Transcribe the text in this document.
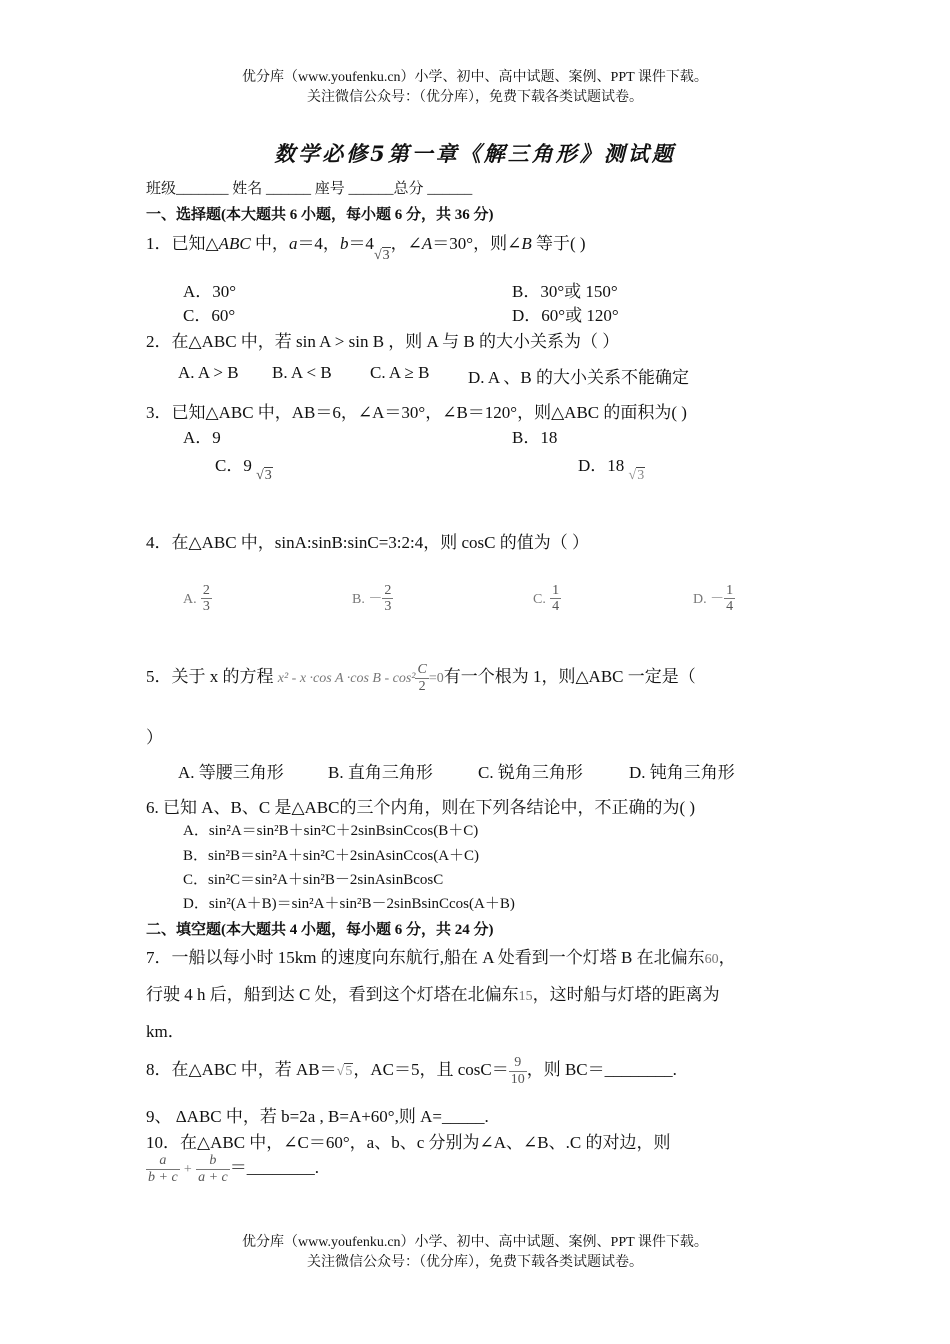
优分库（www.youfenku.cn）小学、初中、高中试题、案例、PPT 课件下载。
关注微信公众号：（优分库），免费下载各类试题试卷。
数学必修5第一章《解三角形》测试题
班级_______ 姓名 ______ 座号 ______总分 ______
一、选择题(本大题共 6 小题，每小题 6 分，共 36 分)
1．已知△ABC 中，a＝4，b＝4√3，∠A＝30°，则∠B 等于( )
A．30°	B．30°或 150°
C．60°	D．60°或 120°
2．在△ABC 中，若 sin A > sin B ，则 A 与 B 的大小关系为（ ）
A. A > B B. A < B C. A ≥ B D. A 、B 的大小关系不能确定
3．已知△ABC 中，AB＝6，∠A＝30°，∠B＝120°，则△ABC 的面积为( )
A．9	B．18
C．9 √3
D．18 √3
4．在△ABC 中，sinA:sinB:sinC=3:2:4，则 cosC 的值为（ ）
A. $\frac{2}{3}$	B. － $\frac{2}{3}$	C. $\frac{1}{4}$	D. － $\frac{1}{4}$
5．关于 x 的方程 x² - x ·cos A ·cos $B - \cos^2 \frac{C}{2} =0$有一个根为 1，则△ABC 一定是（
）
A. 等腰三角形	B. 直角三角形	C. 锐角三角形	D. 钝角三角形
6. 已知 A、B、C 是△ABC的三个内角，则在下列各结论中，不正确的为( )
A．sin²A＝sin²B＋sin²C＋2sinBsinCcos(B＋C)
B．sin²B＝sin²A＋sin²C＋2sinAsinCcos(A＋C)
C．sin²C＝sin²A＋sin²B－2sinAsinBcosC
D．sin²(A＋B)＝sin²A＋sin²B－2sinBsinCcos(A＋B)
二、填空题(本大题共 4 小题，每小题 6 分，共 24 分)
7．一船以每小时 15km 的速度向东航行,船在 A 处看到一个灯塔 B 在北偏东60，
行驶 4 h 后，船到达 C 处，看到这个灯塔在北偏东15，这时船与灯塔的距离为
km．
8．在△ABC 中，若 AB＝√5，AC＝5，且 $\cos C= \frac{9}{10}$ ，则 BC＝________.
9、 ΔABC 中，若 b=2a , B=A+60°,则 A=_____.
10．在△ABC 中，∠C＝60°，a、b、c 分别为∠A、∠B、.C 的对边，则
$\frac{a}{b + c} + \frac{b}{a + c}$ ＝________.
优分库（www.youfenku.cn）小学、初中、高中试题、案例、PPT 课件下载。
关注微信公众号：（优分库），免费下载各类试题试卷。
